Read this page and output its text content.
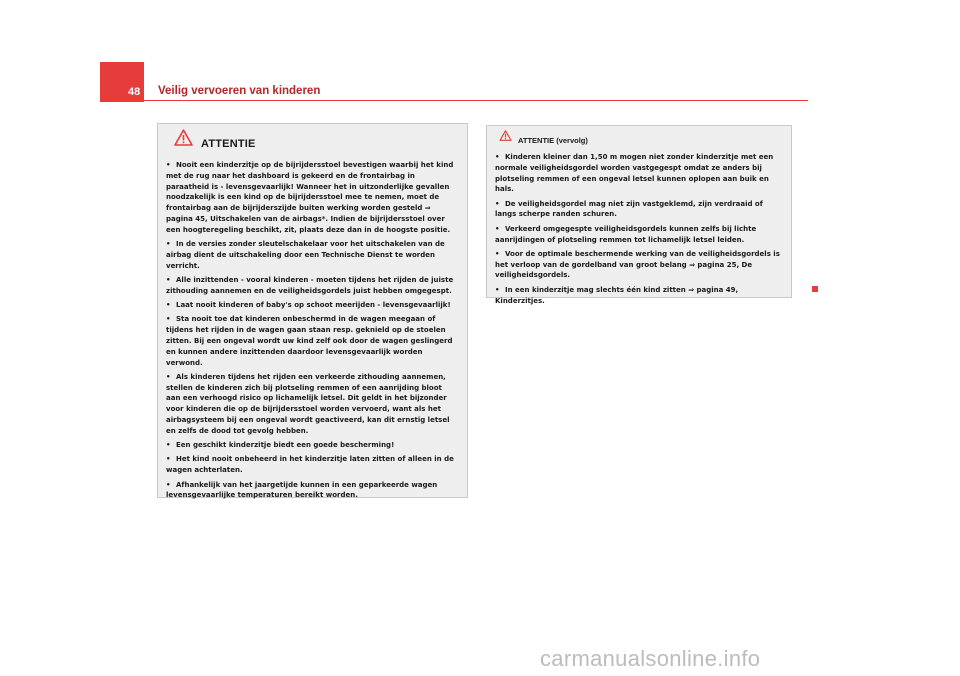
48 Veilig vervoeren van kinderen
ATTENTIE
• Nooit een kinderzitje op de bijrijdersstoel bevestigen waarbij het kind met de rug naar het dashboard is gekeerd en de frontairbag in paraatheid is - levensgevaarlijk! Wanneer het in uitzonderlijke gevallen noodzakelijk is een kind op de bijrijdersstoel mee te nemen, moet de frontairbag aan de bijrijderszijde buiten werking worden gesteld ⇒ pagina 45, Uitschakelen van de airbags*. Indien de bijrijdersstoel over een hoogteregeling beschikt, zit, plaats deze dan in de hoogste positie.
• In de versies zonder sleutelschakelaar voor het uitschakelen van de airbag dient de uitschakeling door een Technische Dienst te worden verricht.
• Alle inzittenden - vooral kinderen - moeten tijdens het rijden de juiste zithouding aannemen en de veiligheidsgordels juist hebben omgegespt.
• Laat nooit kinderen of baby's op schoot meerijden - levensgevaarlijk!
• Sta nooit toe dat kinderen onbeschermd in de wagen meegaan of tijdens het rijden in de wagen gaan staan resp. geknield op de stoelen zitten. Bij een ongeval wordt uw kind zelf ook door de wagen geslingerd en kunnen andere inzittenden daardoor levensgevaarlijk worden verwond.
• Als kinderen tijdens het rijden een verkeerde zithouding aannemen, stellen de kinderen zich bij plotseling remmen of een aanrijding bloot aan een verhoogd risico op lichamelijk letsel. Dit geldt in het bijzonder voor kinderen die op de bijrijdersstoel worden vervoerd, want als het airbagsysteem bij een ongeval wordt geactiveerd, kan dit ernstig letsel en zelfs de dood tot gevolg hebben.
• Een geschikt kinderzitje biedt een goede bescherming!
• Het kind nooit onbeheerd in het kinderzitje laten zitten of alleen in de wagen achterlaten.
• Afhankelijk van het jaargetijde kunnen in een geparkeerde wagen levensgevaarlijke temperaturen bereikt worden.
ATTENTIE (vervolg)
• Kinderen kleiner dan 1,50 m mogen niet zonder kinderzitje met een normale veiligheidsgordel worden vastgegespt omdat ze anders bij plotseling remmen of een ongeval letsel kunnen oplopen aan buik en hals.
• De veiligheidsgordel mag niet zijn vastgeklemd, zijn verdraaid of langs scherpe randen schuren.
• Verkeerd omgegespte veiligheidsgordels kunnen zelfs bij lichte aanrijdingen of plotseling remmen tot lichamelijk letsel leiden.
• Voor de optimale beschermende werking van de veiligheidsgordels is het verloop van de gordelband van groot belang ⇒ pagina 25, De veiligheidsgordels.
• In een kinderzitje mag slechts één kind zitten ⇒ pagina 49, Kinderzitjes.
carmanualsonline.info
